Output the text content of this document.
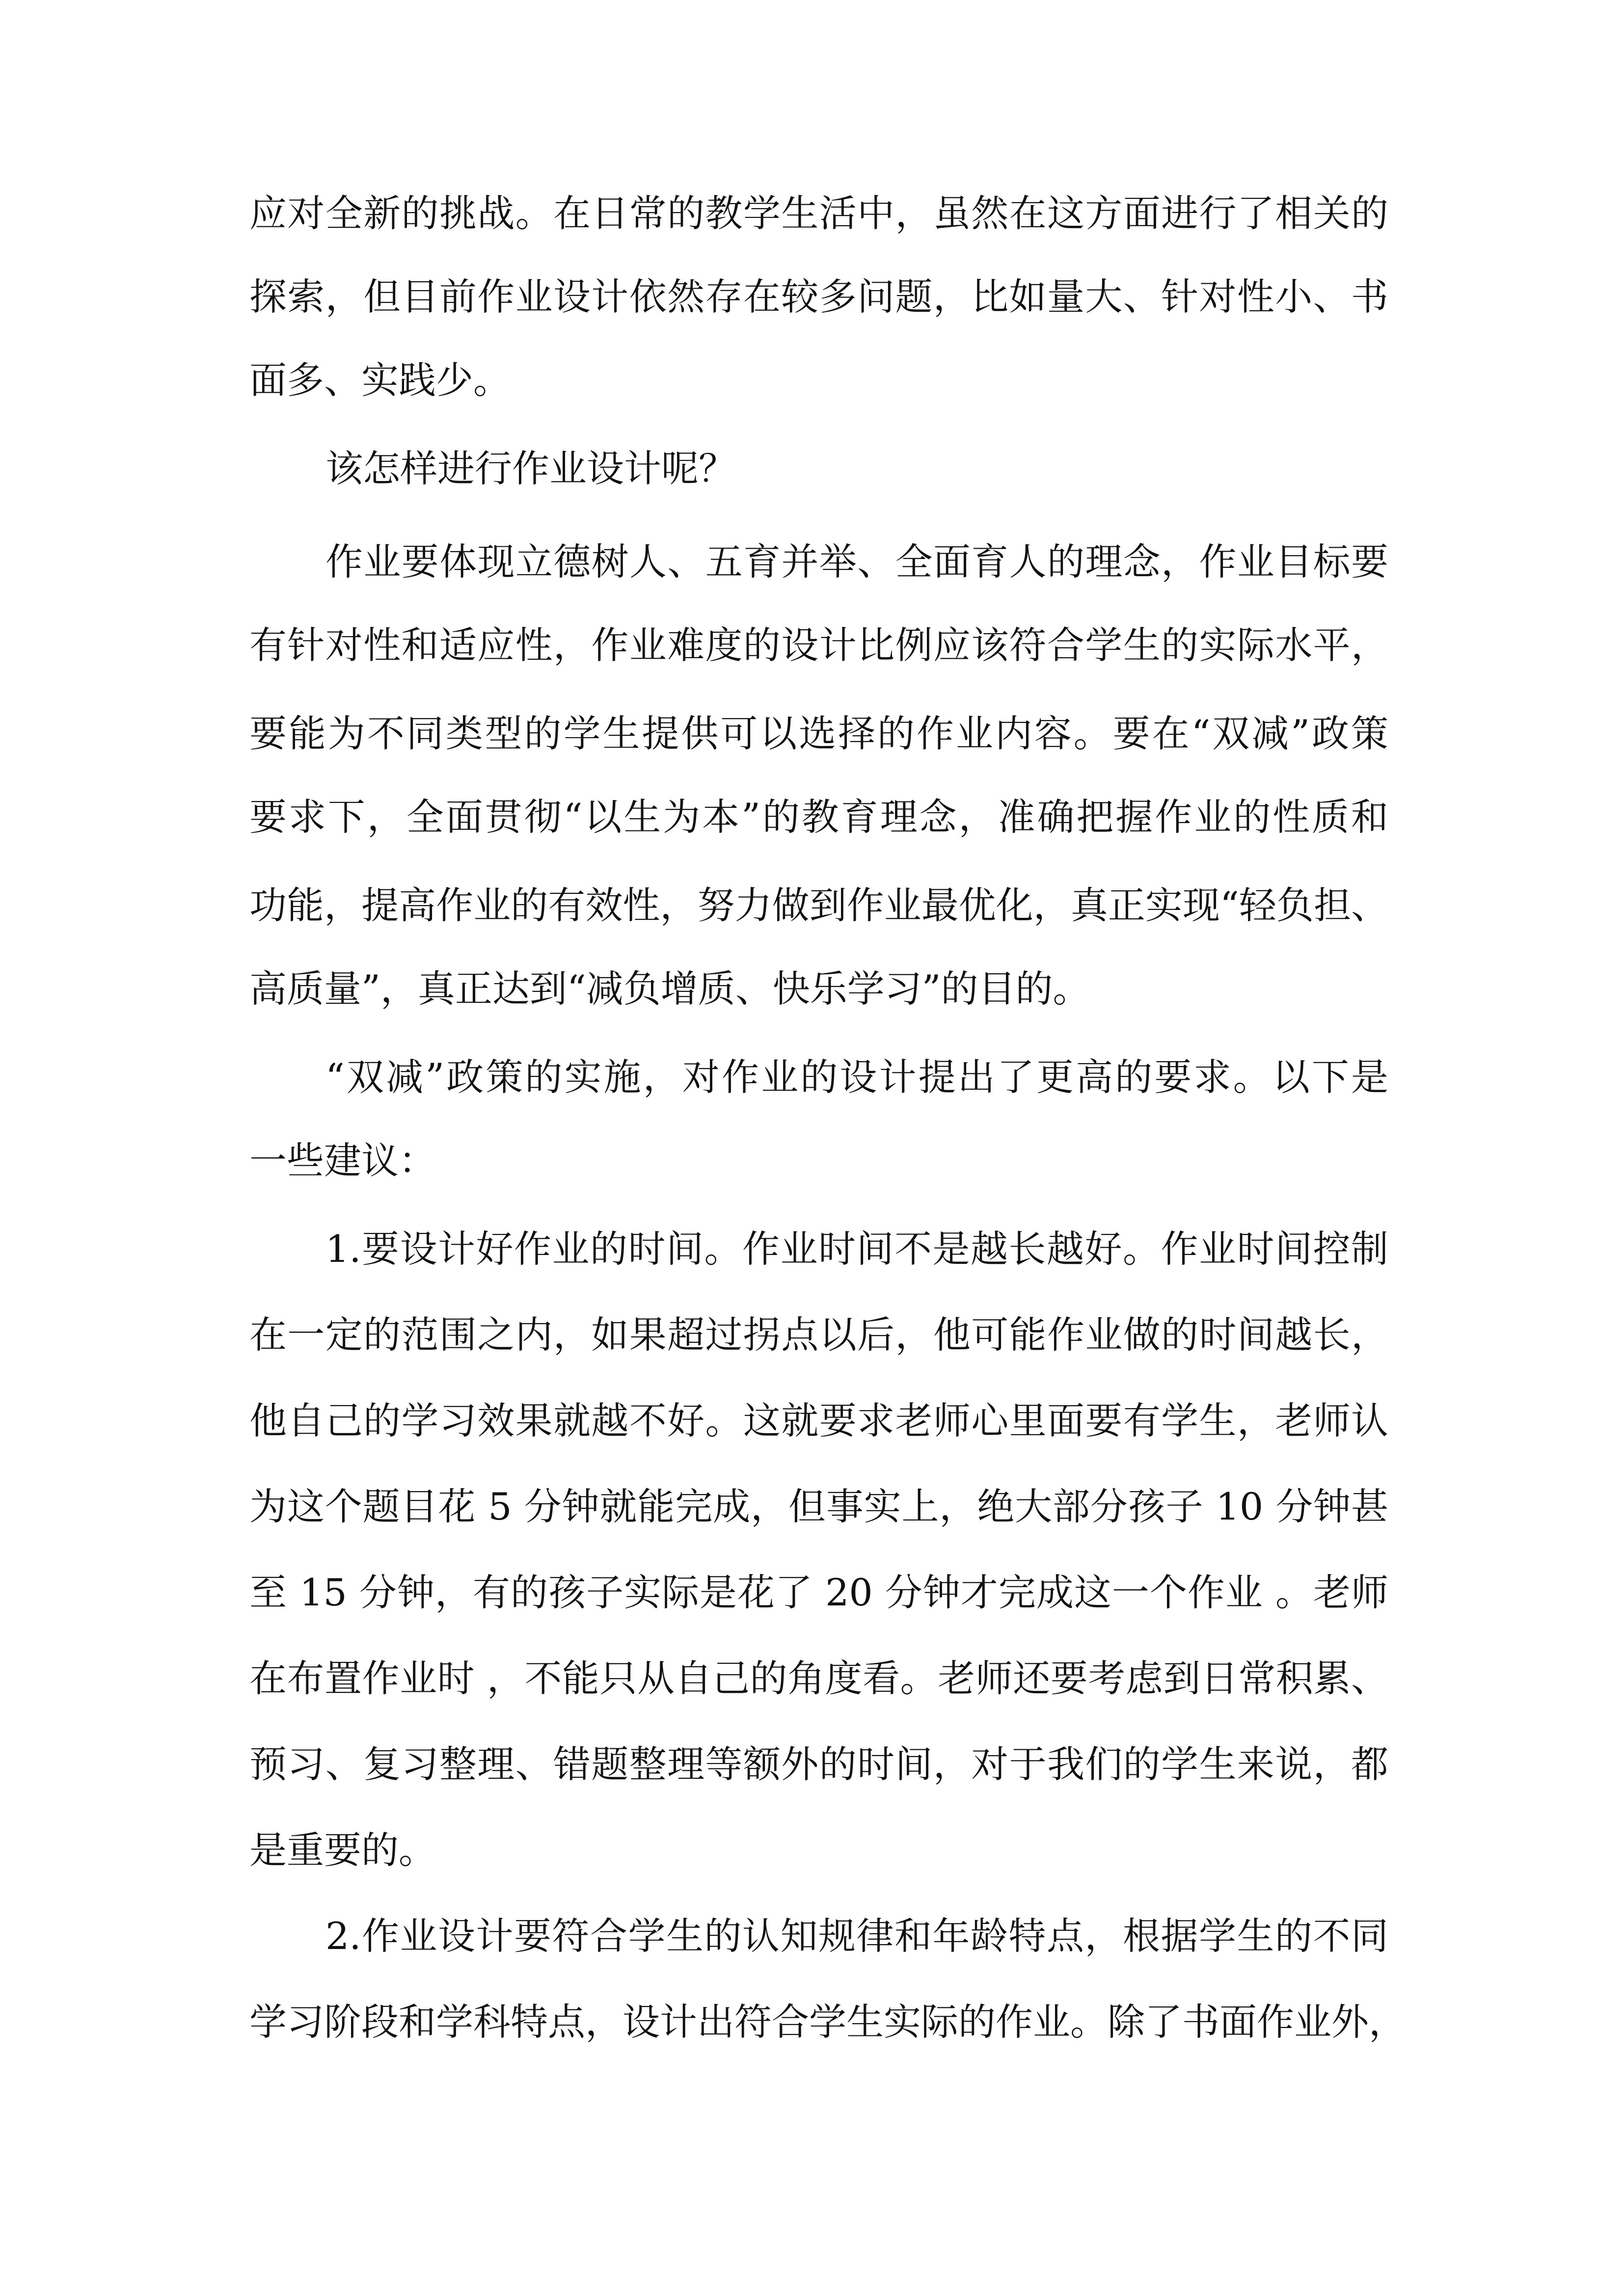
应对全新的挑战。在日常的教学生活中，虽然在这方面进行了相关的
探索，但目前作业设计依然存在较多问题，比如量大、针对性小、书
面多、实践少。
该怎样进行作业设计呢？
作业要体现立德树人、五育并举、全面育人的理念，作业目标要
有针对性和适应性，作业难度的设计比例应该符合学生的实际水平，
要能为不同类型的学生提供可以选择的作业内容。要在“双减”政策
要求下，全面贯彻“以生为本”的教育理念，准确把握作业的性质和
功能，提高作业的有效性，努力做到作业最优化，真正实现“轻负担、
高质量”，真正达到“减负增质、快乐学习”的目的。
“双减”政策的实施，对作业的设计提出了更高的要求。以下是
一些建议：
1.要设计好作业的时间。作业时间不是越长越好。作业时间控制
在一定的范围之内，如果超过拐点以后，他可能作业做的时间越长，
他自己的学习效果就越不好。这就要求老师心里面要有学生，老师认
为这个题目花 5 分钟就能完成，但事实上，绝大部分孩子 10 分钟甚
至 15 分钟，有的孩子实际是花了 20 分钟才完成这一个作业 。老师
在布置作业时 ，不能只从自己的角度看。老师还要考虑到日常积累、
预习、复习整理、错题整理等额外的时间，对于我们的学生来说，都
是重要的。
2.作业设计要符合学生的认知规律和年龄特点，根据学生的不同
学习阶段和学科特点，设计出符合学生实际的作业。除了书面作业外，
